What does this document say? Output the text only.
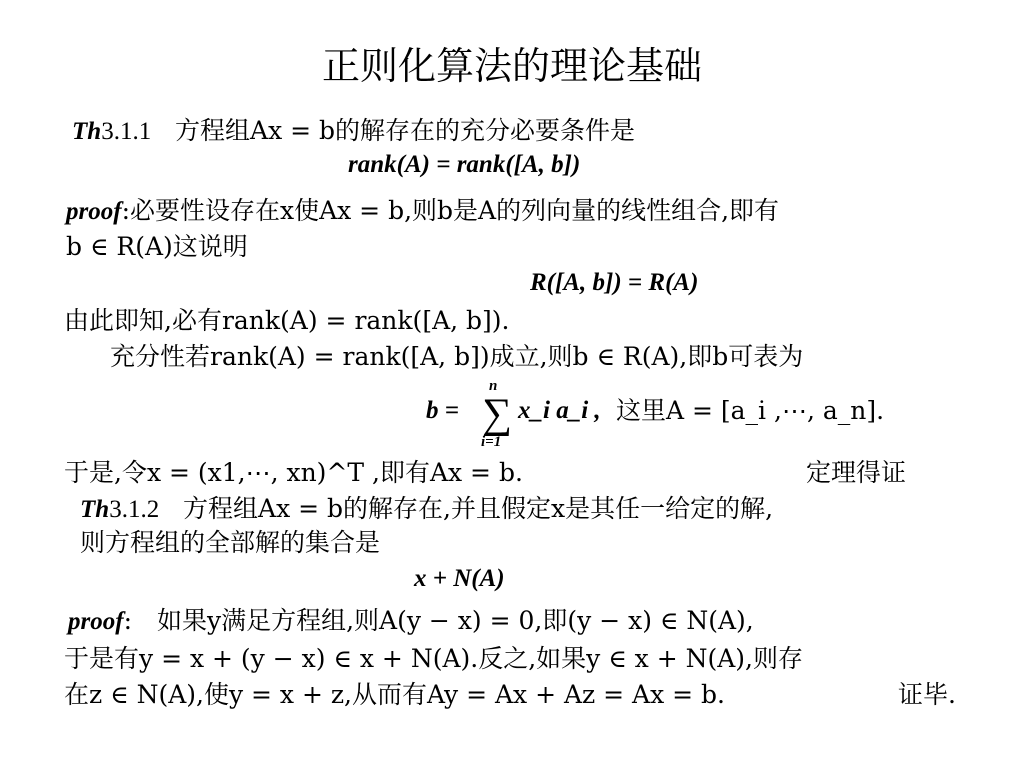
正则化算法的理论基础
Th3.1.1 方程组Ax = b的解存在的充分必要条件是
rank(A) = rank([A, b])
proof:必要性设存在x使Ax = b,则b是A的列向量的线性组合,即有
b ∈ R(A)这说明
R([A, b]) = R(A)
由此即知,必有rank(A) = rank([A, b]).
充分性若rank(A) = rank([A, b])成立,则b ∈ R(A),即b可表为
b =
n
∑
i=1
x_i a_i , 这里A = [a_i ,⋯, a_n].
于是,令x = (x1,⋯, xn)^T ,即有Ax = b.	定理得证
Th3.1.2 方程组Ax = b的解存在,并且假定x是其任一给定的解,
则方程组的全部解的集合是
x + N(A)
proof:　如果y满足方程组,则A(y − x) = 0,即(y − x) ∈ N(A),
于是有y = x + (y − x) ∈ x + N(A).反之,如果y ∈ x + N(A),则存
在z ∈ N(A),使y = x + z,从而有Ay = Ax + Az = Ax = b.	证毕.
